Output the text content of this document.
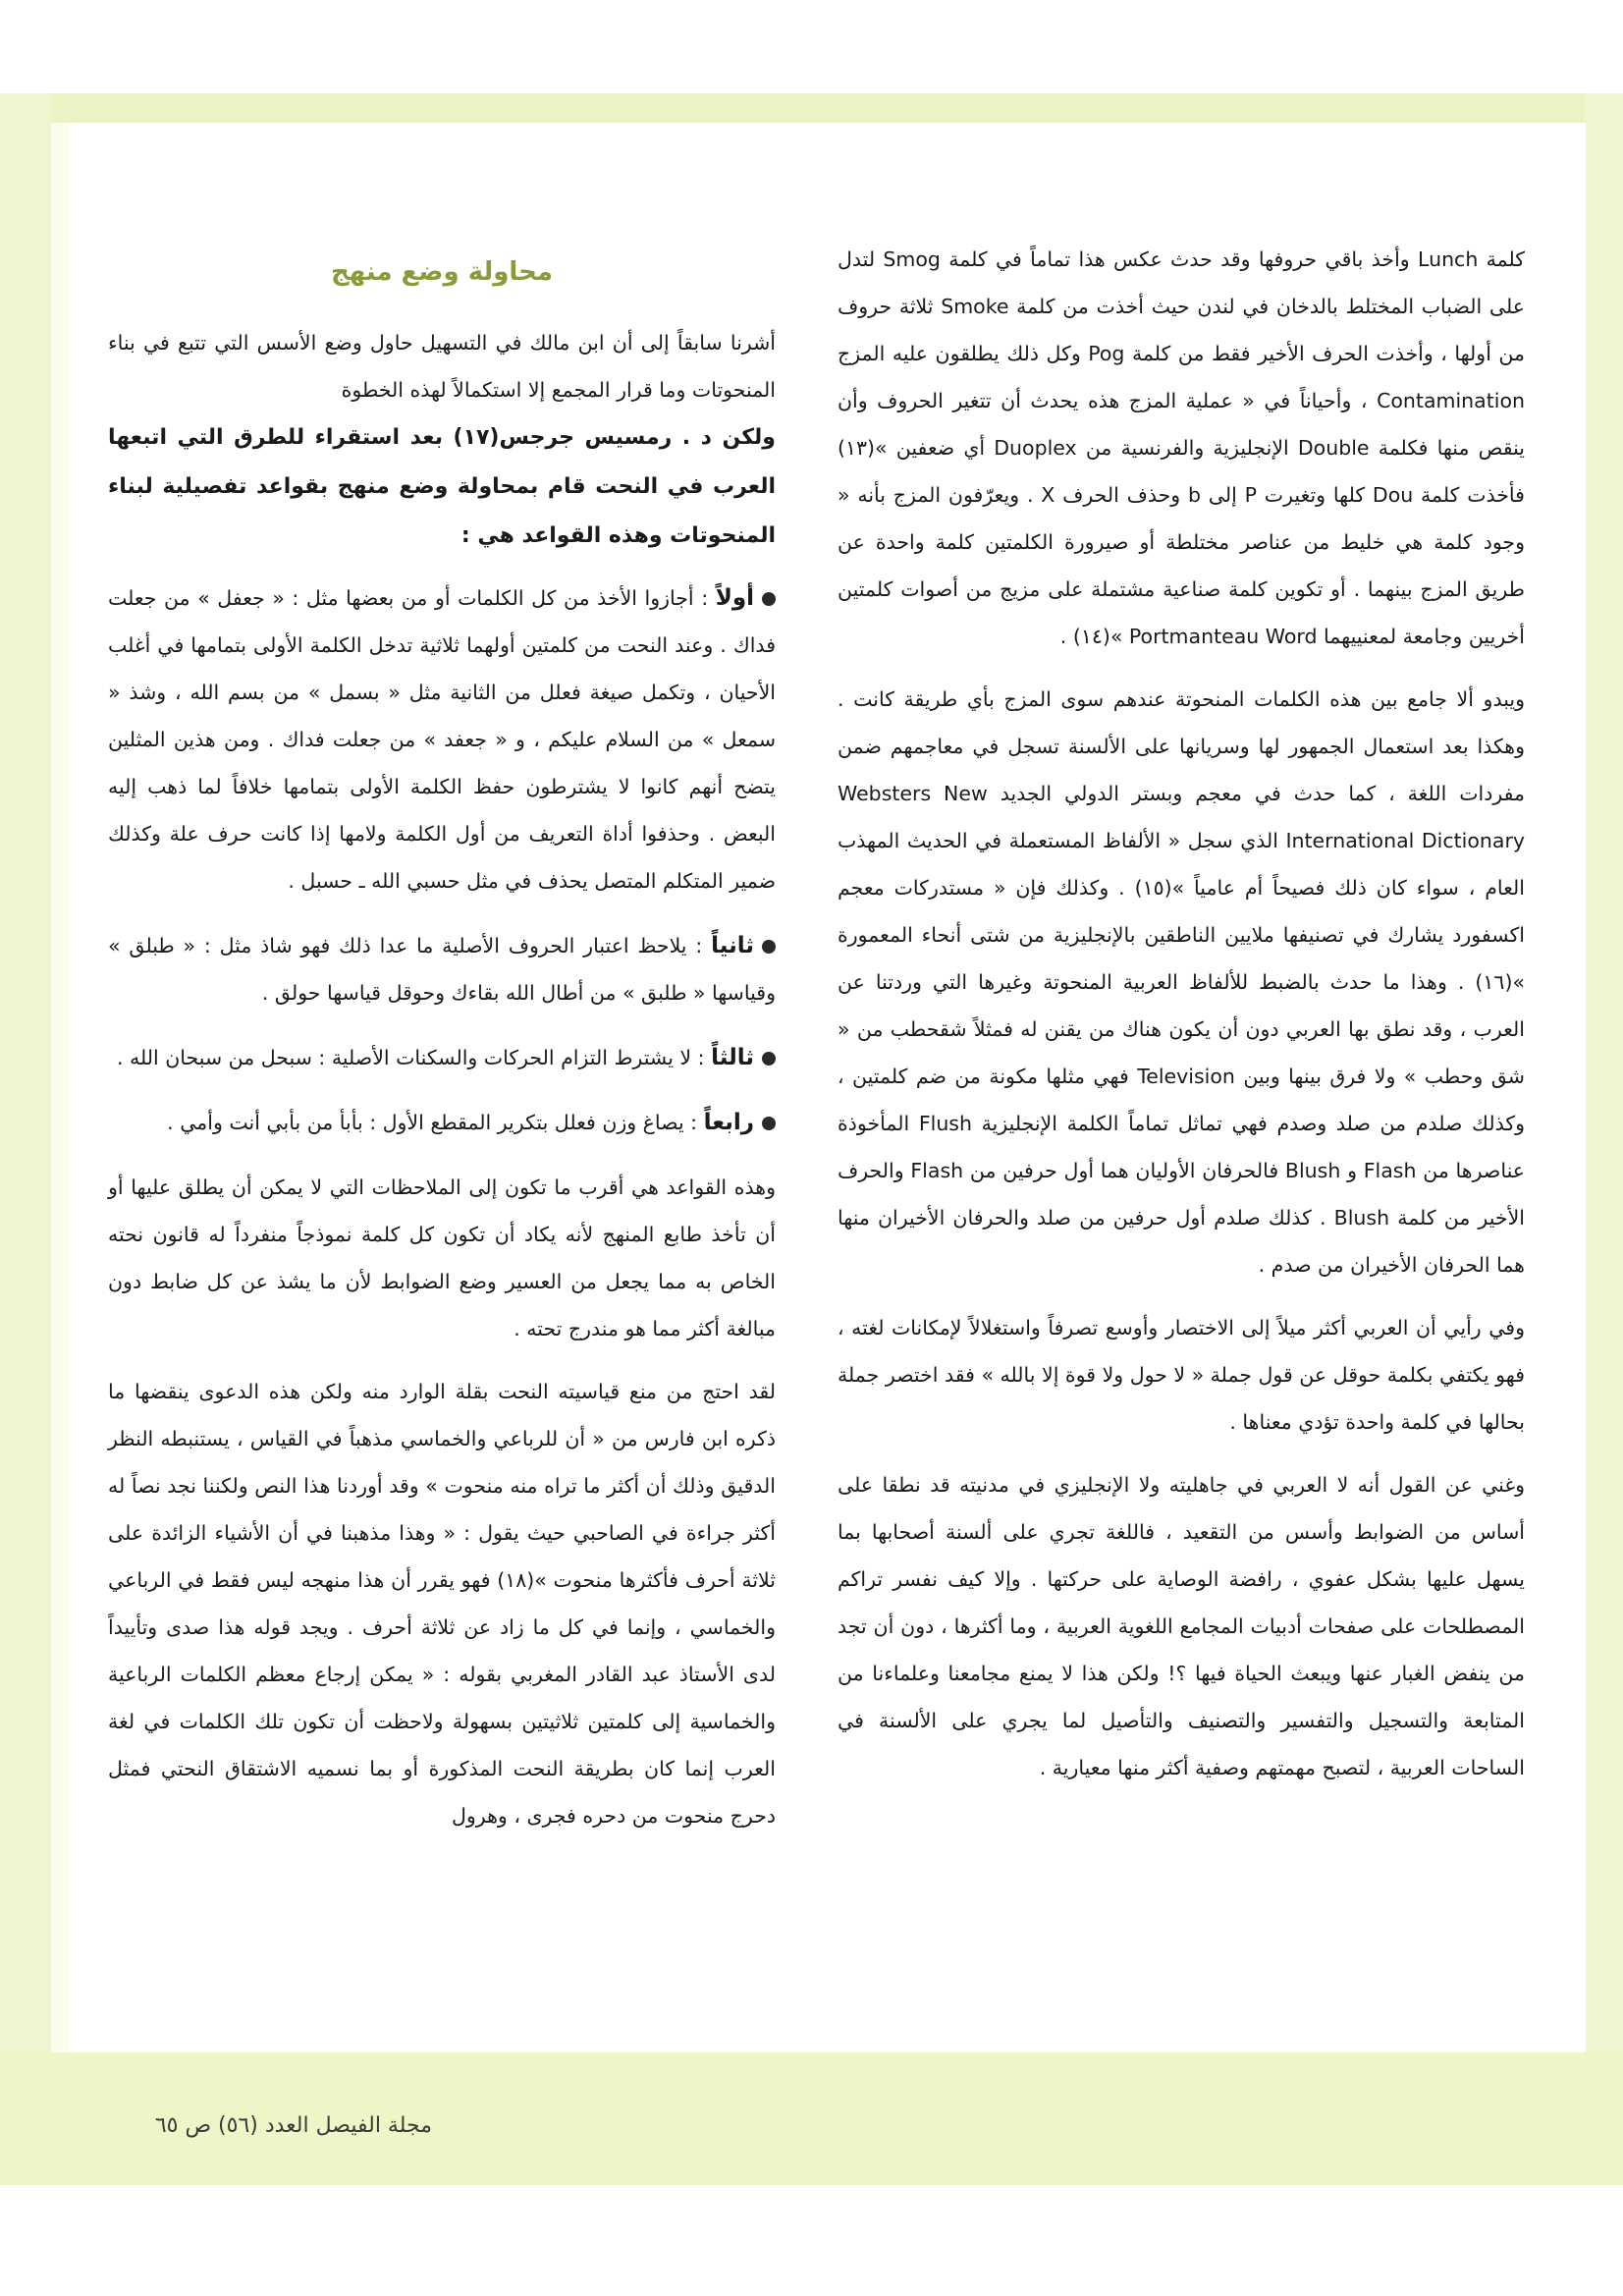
كلمة Lunch وأخذ باقي حروفها وقد حدث عكس هذا تماماً في كلمة Smog لتدل على الضباب المختلط بالدخان في لندن حيث أخذت من كلمة Smoke ثلاثة حروف من أولها ، وأخذت الحرف الأخير فقط من كلمة Pog وكل ذلك يطلقون عليه المزج Contamination ، وأحياناً في « عملية المزج هذه يحدث أن تتغير الحروف وأن ينقص منها فكلمة Double الإنجليزية والفرنسية من Duoplex أي ضعفين »(١٣) فأخذت كلمة Dou كلها وتغيرت P إلى b وحذف الحرف X . ويعرّفون المزج بأنه « وجود كلمة هي خليط من عناصر مختلطة أو صيرورة الكلمتين كلمة واحدة عن طريق المزج بينهما . أو تكوين كلمة صناعية مشتملة على مزيج من أصوات كلمتين أخريين وجامعة لمعنييهما Portmanteau Word »(١٤) .

ويبدو ألا جامع بين هذه الكلمات المنحوتة عندهم سوى المزج بأي طريقة كانت . وهكذا بعد استعمال الجمهور لها وسريانها على الألسنة تسجل في معاجمهم ضمن مفردات اللغة ، كما حدث في معجم وبستر الدولي الجديد Websters New International Dictionary الذي سجل « الألفاظ المستعملة في الحديث المهذب العام ، سواء كان ذلك فصيحاً أم عامياً »(١٥) . وكذلك فإن « مستدركات معجم اكسفورد يشارك في تصنيفها ملايين الناطقين بالإنجليزية من شتى أنحاء المعمورة »(١٦) . وهذا ما حدث بالضبط للألفاظ العربية المنحوتة وغيرها التي وردتنا عن العرب ، وقد نطق بها العربي دون أن يكون هناك من يقنن له فمثلاً شقحطب من « شق وحطب » ولا فرق بينها وبين Television فهي مثلها مكونة من ضم كلمتين ، وكذلك صلدم من صلد وصدم فهي تماثل تماماً الكلمة الإنجليزية Flush المأخوذة عناصرها من Flash و Blush فالحرفان الأوليان هما أول حرفين من Flash والحرف الأخير من كلمة Blush . كذلك صلدم أول حرفين من صلد والحرفان الأخيران منها هما الحرفان الأخيران من صدم .

وفي رأيي أن العربي أكثر ميلاً إلى الاختصار وأوسع تصرفاً واستغلالاً لإمكانات لغته ، فهو يكتفي بكلمة حوقل عن قول جملة « لا حول ولا قوة إلا بالله » فقد اختصر جملة بحالها في كلمة واحدة تؤدي معناها .

وغني عن القول أنه لا العربي في جاهليته ولا الإنجليزي في مدنيته قد نطقا على أساس من الضوابط وأسس من التقعيد ، فاللغة تجري على ألسنة أصحابها بما يسهل عليها بشكل عفوي ، رافضة الوصاية على حركتها . وإلا كيف نفسر تراكم المصطلحات على صفحات أدبيات المجامع اللغوية العربية ، وما أكثرها ، دون أن تجد من ينفض الغبار عنها ويبعث الحياة فيها ؟! ولكن هذا لا يمنع مجامعنا وعلماءنا من المتابعة والتسجيل والتفسير والتصنيف والتأصيل لما يجري على الألسنة في الساحات العربية ، لتصبح مهمتهم وصفية أكثر منها معيارية .

محاولة وضع منهج

أشرنا سابقاً إلى أن ابن مالك في التسهيل حاول وضع الأسس التي تتبع في بناء المنحوتات وما قرار المجمع إلا استكمالاً لهذه الخطوة

ولكن د . رمسيس جرجس(١٧) بعد استقراء للطرق التي اتبعها العرب في النحت قام بمحاولة وضع منهج بقواعد تفصيلية لبناء المنحوتات وهذه القواعد هي :

أولاً : أجازوا الأخذ من كل الكلمات أو من بعضها مثل : « جعفل » من جعلت فداك . وعند النحت من كلمتين أولهما ثلاثية تدخل الكلمة الأولى بتمامها في أغلب الأحيان ، وتكمل صيغة فعلل من الثانية مثل « بسمل » من بسم الله ، وشذ « سمعل » من السلام عليكم ، و « جعفد » من جعلت فداك . ومن هذين المثلين يتضح أنهم كانوا لا يشترطون حفظ الكلمة الأولى بتمامها خلافاً لما ذهب إليه البعض . وحذفوا أداة التعريف من أول الكلمة ولامها إذا كانت حرف علة وكذلك ضمير المتكلم المتصل يحذف في مثل حسبي الله ـ حسبل .
ثانياً : يلاحظ اعتبار الحروف الأصلية ما عدا ذلك فهو شاذ مثل : « طبلق » وقياسها « طلبق » من أطال الله بقاءك وحوقل قياسها حولق .
ثالثاً : لا يشترط التزام الحركات والسكنات الأصلية : سبحل من سبحان الله .
رابعاً : يصاغ وزن فعلل بتكرير المقطع الأول : بأبأ من بأبي أنت وأمي .

وهذه القواعد هي أقرب ما تكون إلى الملاحظات التي لا يمكن أن يطلق عليها أو أن تأخذ طابع المنهج لأنه يكاد أن تكون كل كلمة نموذجاً منفرداً له قانون نحته الخاص به مما يجعل من العسير وضع الضوابط لأن ما يشذ عن كل ضابط دون مبالغة أكثر مما هو مندرج تحته .

لقد احتج من منع قياسيته النحت بقلة الوارد منه ولكن هذه الدعوى ينقضها ما ذكره ابن فارس من « أن للرباعي والخماسي مذهباً في القياس ، يستنبطه النظر الدقيق وذلك أن أكثر ما تراه منه منحوت » وقد أوردنا هذا النص ولكننا نجد نصاً له أكثر جراءة في الصاحبي حيث يقول : « وهذا مذهبنا في أن الأشياء الزائدة على ثلاثة أحرف فأكثرها منحوت »(١٨) فهو يقرر أن هذا منهجه ليس فقط في الرباعي والخماسي ، وإنما في كل ما زاد عن ثلاثة أحرف . ويجد قوله هذا صدى وتأييداً لدى الأستاذ عبد القادر المغربي بقوله : « يمكن إرجاع معظم الكلمات الرباعية والخماسية إلى كلمتين ثلاثيتين بسهولة ولاحظت أن تكون تلك الكلمات في لغة العرب إنما كان بطريقة النحت المذكورة أو بما نسميه الاشتقاق النحتي فمثل دحرج منحوت من دحره فجرى ، وهرول

مجلة الفيصل العدد (٥٦) ص ٦٥
